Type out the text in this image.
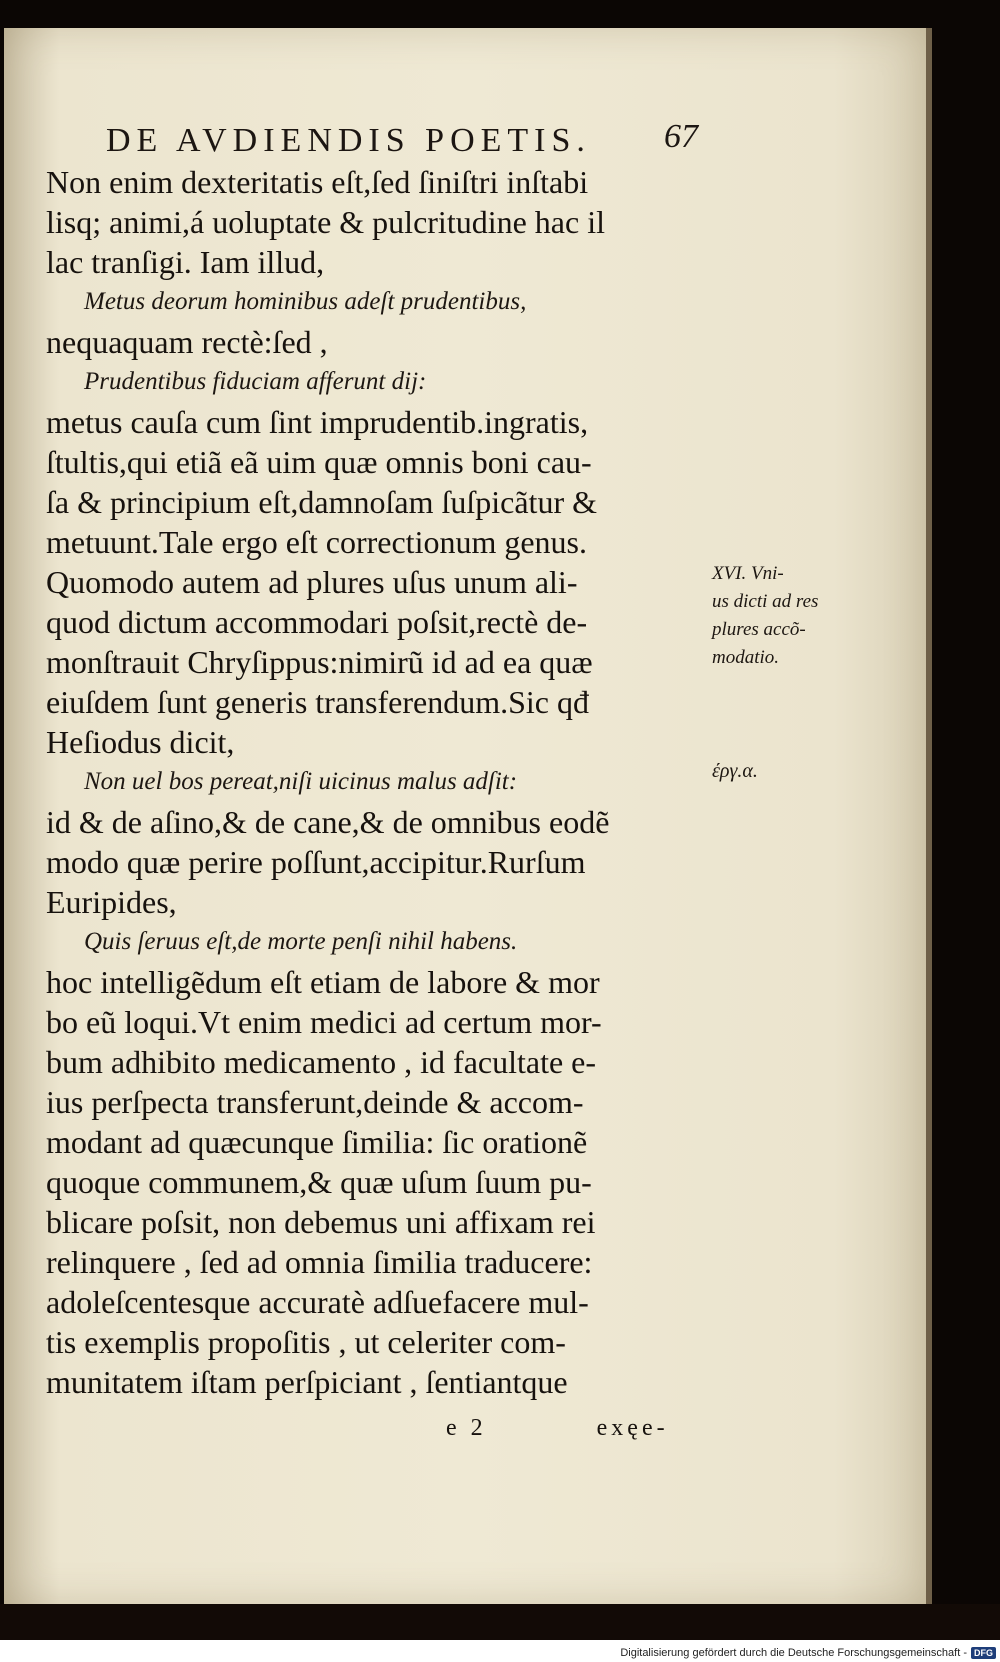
DE AVDIENDIS POETIS.	67
Non enim dexteritatis eſt,ſed ſiniſtri inſtabi
lisq; animi,á uoluptate & pulcritudine hac il
lac tranſigi. Iam illud,
Metus deorum hominibus adeſt prudentibus,
nequaquam rectè:ſed ,
Prudentibus fiduciam afferunt dij:
metus cauſa cum ſint imprudentib.ingratis,
ſtultis,qui etiã eã uim quæ omnis boni cau-
ſa & principium eſt,damnoſam ſuſpicãtur &
metuunt.Tale ergo eſt correctionum genus.
Quomodo autem ad plures uſus unum ali-
quod dictum accommodari poſsit,rectè de-
monſtrauit Chryſippus:nimirũ id ad ea quæ
eiuſdem ſunt generis transferendum.Sic qđ
Heſiodus dicit,
Non uel bos pereat,niſi uicinus malus adſit:
id & de aſino,& de cane,& de omnibus eodẽ
modo quæ perire poſſunt,accipitur.Rurſum
Euripides,
Quis ſeruus eſt,de morte penſi nihil habens.
hoc intelligẽdum eſt etiam de labore & mor
bo eũ loqui.Vt enim medici ad certum mor-
bum adhibito medicamento , id facultate e-
ius perſpecta transferunt,deinde & accom-
modant ad quæcunque ſimilia: ſic orationẽ
quoque communem,& quæ uſum ſuum pu-
blicare poſsit, non debemus uni affixam rei
relinquere , ſed ad omnia ſimilia traducere:
adoleſcentesque accuratè adſuefacere mul-
tis exemplis propoſitis , ut celeriter com-
munitatem iſtam perſpiciant , ſentiantque
e 2	exęe-
XVI. Vni-
us dicti ad res
plures accõ-
modatio.
έργ.α.
Digitalisierung gefördert durch die Deutsche Forschungsgemeinschaft - DFG
